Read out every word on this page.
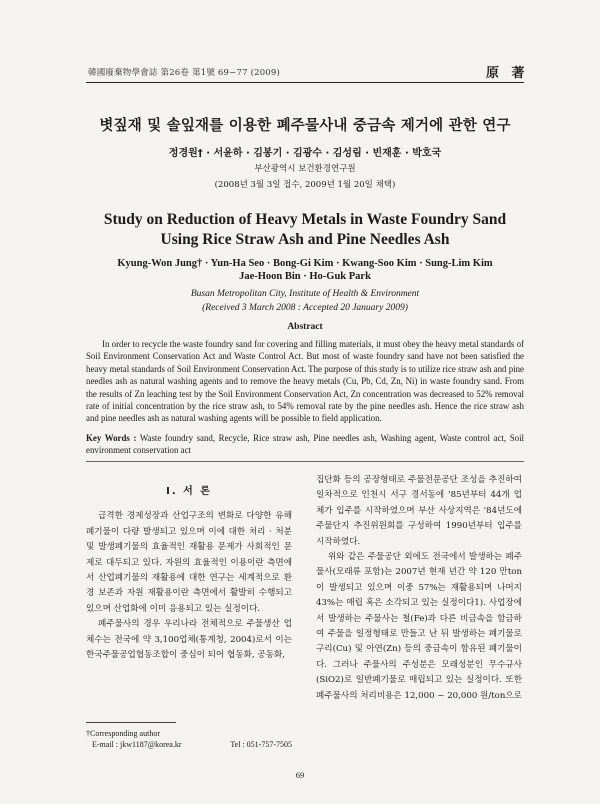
韓國廢棄物學會誌 第26卷 第1號 69~77 (2009)	原 著
볏짚재 및 솔잎재를 이용한 폐주물사내 중금속 제거에 관한 연구
정경원† · 서윤하 · 김봉기 · 김광수 · 김성림 · 빈재훈 · 박호국
부산광역시 보건환경연구원
(2008년 3월 3일 접수, 2009년 1월 20일 채택)
Study on Reduction of Heavy Metals in Waste Foundry Sand
Using Rice Straw Ash and Pine Needles Ash
Kyung-Won Jung† · Yun-Ha Seo · Bong-Gi Kim · Kwang-Soo Kim · Sung-Lim Kim
Jae-Hoon Bin · Ho-Guk Park
Busan Metropolitan City, Institute of Health & Environment
(Received 3 March 2008 : Accepted 20 January 2009)
Abstract
In order to recycle the waste foundry sand for covering and filling materials, it must obey the heavy metal standards of Soil Environment Conservation Act and Waste Control Act. But most of waste foundry sand have not been satisfied the heavy metal standards of Soil Environment Conservation Act. The purpose of this study is to utilize rice straw ash and pine needles ash as natural washing agents and to remove the heavy metals (Cu, Pb, Cd, Zn, Ni) in waste foundry sand. From the results of Zn leaching test by the Soil Environment Conservation Act, Zn concentration was decreased to 52% removal rate of initial concentration by the rice straw ash, to 54% removal rate by the pine needles ash. Hence the rice straw ash and pine needles ash as natural washing agents will be possible to field application.
Key Words : Waste foundry sand, Recycle, Rice straw ash, Pine needles ash, Washing agent, Waste control act, Soil environment conservation act
I. 서 론

급격한 경제성장과 산업구조의 변화로 다양한 유해 폐기물이 다량 발생되고 있으며 이에 대한 처리 · 처분 및 발생폐기물의 효율적인 재활용 문제가 사회적인 문제로 대두되고 있다. 자원의 효율적인 이용이란 측면에서 산업폐기물의 재활용에 대한 연구는 세계적으로 환경 보존과 자원 재활용이란 측면에서 활발히 수행되고 있으며 산업화에 이미 응용되고 있는 실정이다.

폐주물사의 경우 우리나라 전체적으로 주물생산 업체수는 전국에 약 3,100업체(통계청, 2004)로서 이는 한국주물공업협동조합이 중심이 되어 협동화, 공동화,

집단화 등의 공장형태로 주물전문공단 조성을 추진하여 일차적으로 인천시 서구 경서동에 '85년부터 44개 업체가 입주를 시작하였으며 부산 사상지역은 '84년도에 주물단지 추진위원회를 구성하여 1990년부터 입주를 시작하였다.

위와 같은 주물공단 외에도 전국에서 발생하는 폐주물사(모래류 포함)는 2007년 현재 년간 약 120 만ton이 발생되고 있으며 이중 57%는 재활용되며 나머지 43%는 매립 혹은 소각되고 있는 실정이다1). 사업장에서 발생하는 주물사는 철(Fe)과 다른 비금속을 함금하여 주물을 일정형태로 만들고 난 뒤 발생하는 폐기물로 구리(Cu) 및 아연(Zn) 등의 중금속이 함유된 폐기물이다. 그러나 주물사의 주성분은 모래성분인 무수규사(SiO2)로 일반폐기물로 매립되고 있는 실정이다. 또한 폐주물사의 처리비용은 12,000 ~ 20,000 원/ton으로

†Corresponding author
E-mail : jkw1187@korea.kr	Tel : 051-757-7505
69
